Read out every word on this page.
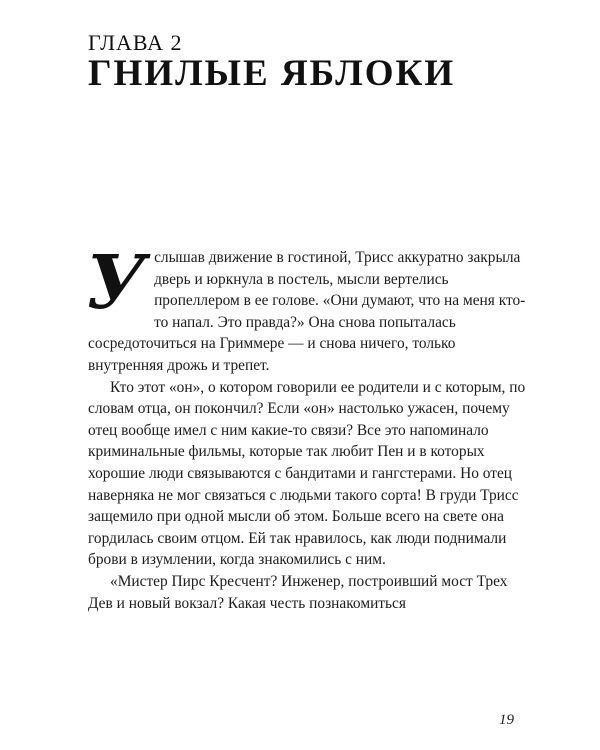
ГЛАВА 2
ГНИЛЫЕ ЯБЛОКИ

Услышав движение в гостиной, Трисс аккуратно закрыла дверь и юркнула в постель, мысли вертелись пропеллером в ее голове. «Они думают, что на меня кто-то напал. Это правда?» Она снова попыталась сосредоточиться на Гриммере — и снова ничего, только внутренняя дрожь и трепет.

Кто этот «он», о котором говорили ее родители и с которым, по словам отца, он покончил? Если «он» настолько ужасен, почему отец вообще имел с ним какие-то связи? Все это напоминало криминальные фильмы, которые так любит Пен и в которых хорошие люди связываются с бандитами и гангстерами. Но отец наверняка не мог связаться с людьми такого сорта! В груди Трисс защемило при одной мысли об этом. Больше всего на свете она гордилась своим отцом. Ей так нравилось, как люди поднимали брови в изумлении, когда знакомились с ним.

«Мистер Пирс Кресчент? Инженер, построивший мост Трех Дев и новый вокзал? Какая честь познакомиться

19
